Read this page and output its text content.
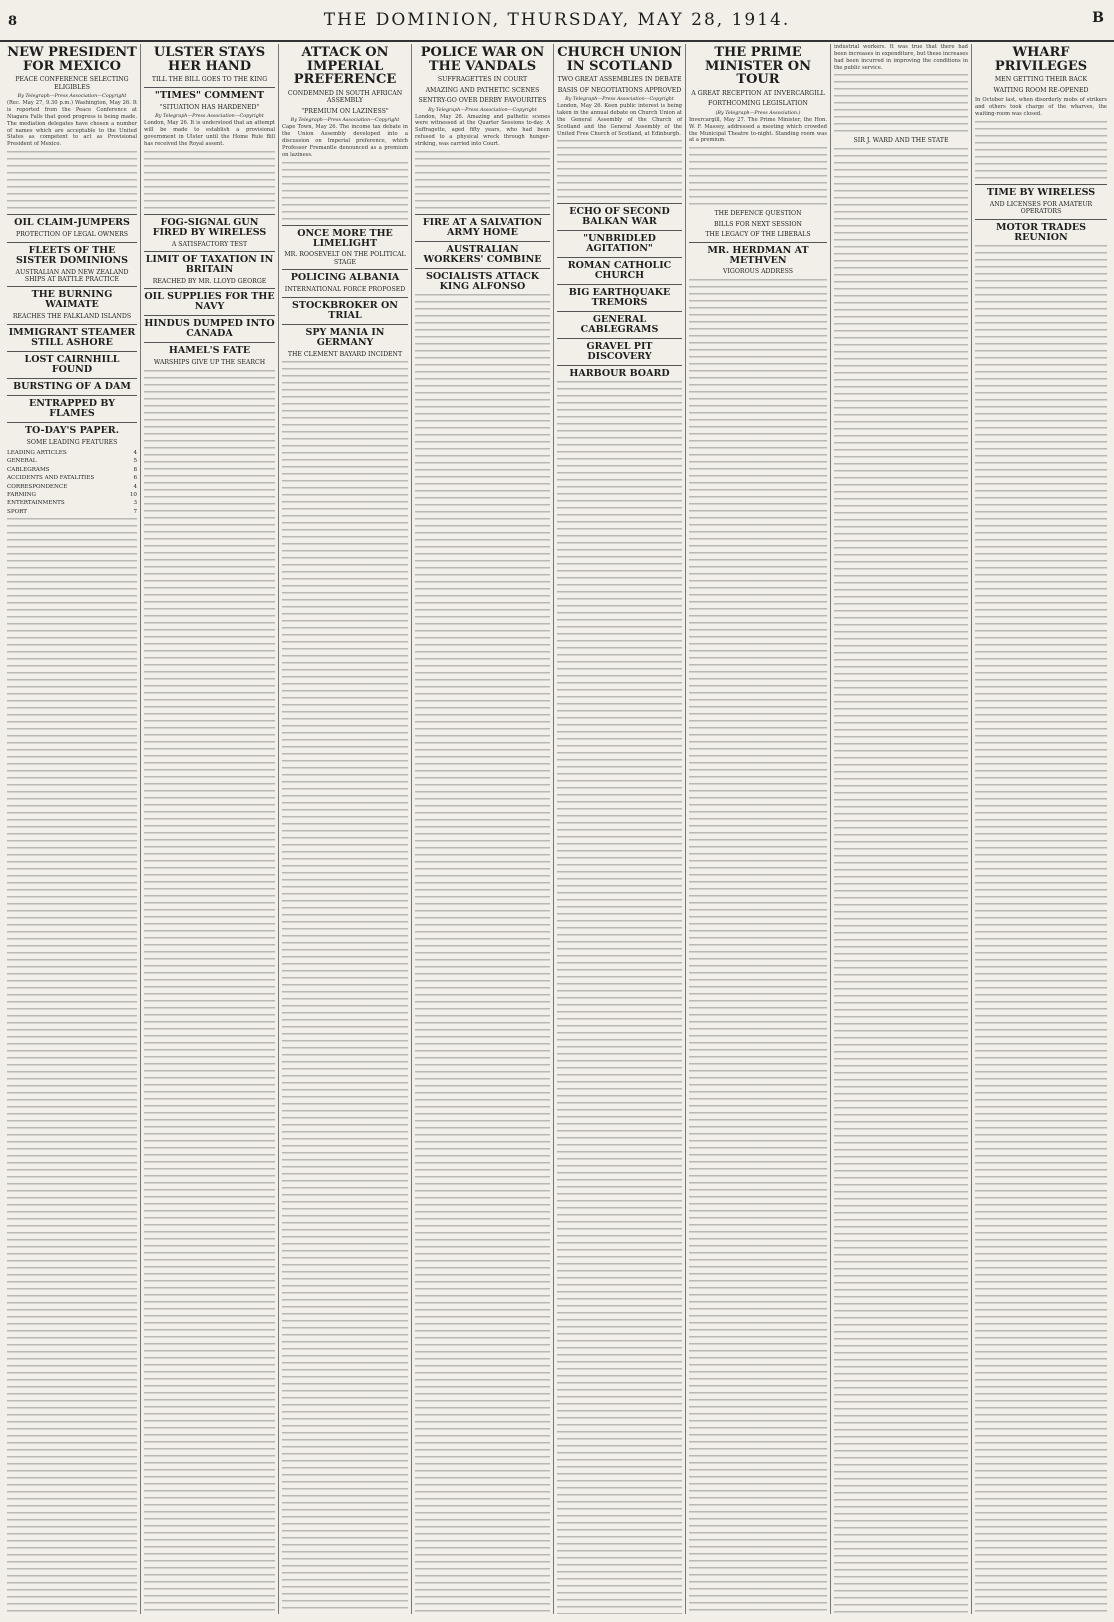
8	THE DOMINION, THURSDAY, MAY 28, 1914.	B
NEW PRESIDENT FOR MEXICO
PEACE CONFERENCE SELECTING ELIGIBLES
By Telegraph—Press Association—Copyright
(Rec. May 27, 9.30 p.m.) Washington, May 26. It is reported from the Peace Conference at Niagara Falls that good progress is being made. The mediation delegates have chosen a number of names which are acceptable to the United States as competent to act as Provisional President of Mexico.
OIL CLAIM-JUMPERS
PROTECTION OF LEGAL OWNERS
FLEETS OF THE SISTER DOMINIONS
AUSTRALIAN AND NEW ZEALAND SHIPS AT BATTLE PRACTICE
THE BURNING WAIMATE
REACHES THE FALKLAND ISLANDS
IMMIGRANT STEAMER STILL ASHORE
LOST CAIRNHILL FOUND
BURSTING OF A DAM
ENTRAPPED BY FLAMES
TO-DAY'S PAPER.
SOME LEADING FEATURES
LEADING ARTICLES	4
GENERAL	5
CABLEGRAMS	8
ACCIDENTS AND FATALITIES	6
CORRESPONDENCE	4
FARMING	10
ENTERTAINMENTS	3
SPORT	7
ULSTER STAYS HER HAND
TILL THE BILL GOES TO THE KING
"TIMES" COMMENT
"SITUATION HAS HARDENED"
By Telegraph—Press Association—Copyright
London, May 26. It is understood that an attempt will be made to establish a provisional government in Ulster until the Home Rule Bill has received the Royal assent.
FOG-SIGNAL GUN FIRED BY WIRELESS
A SATISFACTORY TEST
LIMIT OF TAXATION IN BRITAIN
REACHED BY MR. LLOYD GEORGE
OIL SUPPLIES FOR THE NAVY
HINDUS DUMPED INTO CANADA
HAMEL'S FATE
WARSHIPS GIVE UP THE SEARCH
ATTACK ON IMPERIAL PREFERENCE
CONDEMNED IN SOUTH AFRICAN ASSEMBLY
"PREMIUM ON LAZINESS"
By Telegraph—Press Association—Copyright
Cape Town, May 26. The income tax debate in the Union Assembly developed into a discussion on Imperial preference, which Professor Fremantle denounced as a premium on laziness.
ONCE MORE THE LIMELIGHT
MR. ROOSEVELT ON THE POLITICAL STAGE
POLICING ALBANIA
INTERNATIONAL FORCE PROPOSED
STOCKBROKER ON TRIAL
SPY MANIA IN GERMANY
THE CLEMENT BAYARD INCIDENT
POLICE WAR ON THE VANDALS
SUFFRAGETTES IN COURT
AMAZING AND PATHETIC SCENES
SENTRY-GO OVER DERBY FAVOURITES
By Telegraph—Press Association—Copyright
London, May 26. Amazing and pathetic scenes were witnessed at the Quarter Sessions to-day. A Suffragette, aged fifty years, who had been refused to a physical wreck through hunger-striking, was carried into Court.
FIRE AT A SALVATION ARMY HOME
AUSTRALIAN WORKERS' COMBINE
SOCIALISTS ATTACK KING ALFONSO
CHURCH UNION IN SCOTLAND
TWO GREAT ASSEMBLIES IN DEBATE
BASIS OF NEGOTIATIONS APPROVED
By Telegraph—Press Association—Copyright
London, May 26. Keen public interest is being taken in the annual debate on Church Union at the General Assembly of the Church of Scotland and the General Assembly of the United Free Church of Scotland, at Edinburgh.
ECHO OF SECOND BALKAN WAR
"UNBRIDLED AGITATION"
ROMAN CATHOLIC CHURCH
BIG EARTHQUAKE TREMORS
GENERAL CABLEGRAMS
GRAVEL PIT DISCOVERY
HARBOUR BOARD
THE PRIME MINISTER ON TOUR
A GREAT RECEPTION AT INVERCARGILL
FORTHCOMING LEGISLATION
(By Telegraph—Press Association.)
Invercargill, May 27. The Prime Minister, the Hon. W. F. Massey, addressed a meeting which crowded the Municipal Theatre to-night. Standing room was at a premium.
THE DEFENCE QUESTION
BILLS FOR NEXT SESSION
THE LEGACY OF THE LIBERALS
MR. HERDMAN AT METHVEN
VIGOROUS ADDRESS
industrial workers. It was true that there had been increases in expenditure, but these increases had been incurred in improving the conditions in the public service.
SIR J. WARD AND THE STATE
WHARF PRIVILEGES
MEN GETTING THEIR BACK
WAITING ROOM RE-OPENED
In October last, when disorderly mobs of strikers and others took charge of the wharves, the waiting-room was closed.
TIME BY WIRELESS
AND LICENSES FOR AMATEUR OPERATORS
MOTOR TRADES REUNION
